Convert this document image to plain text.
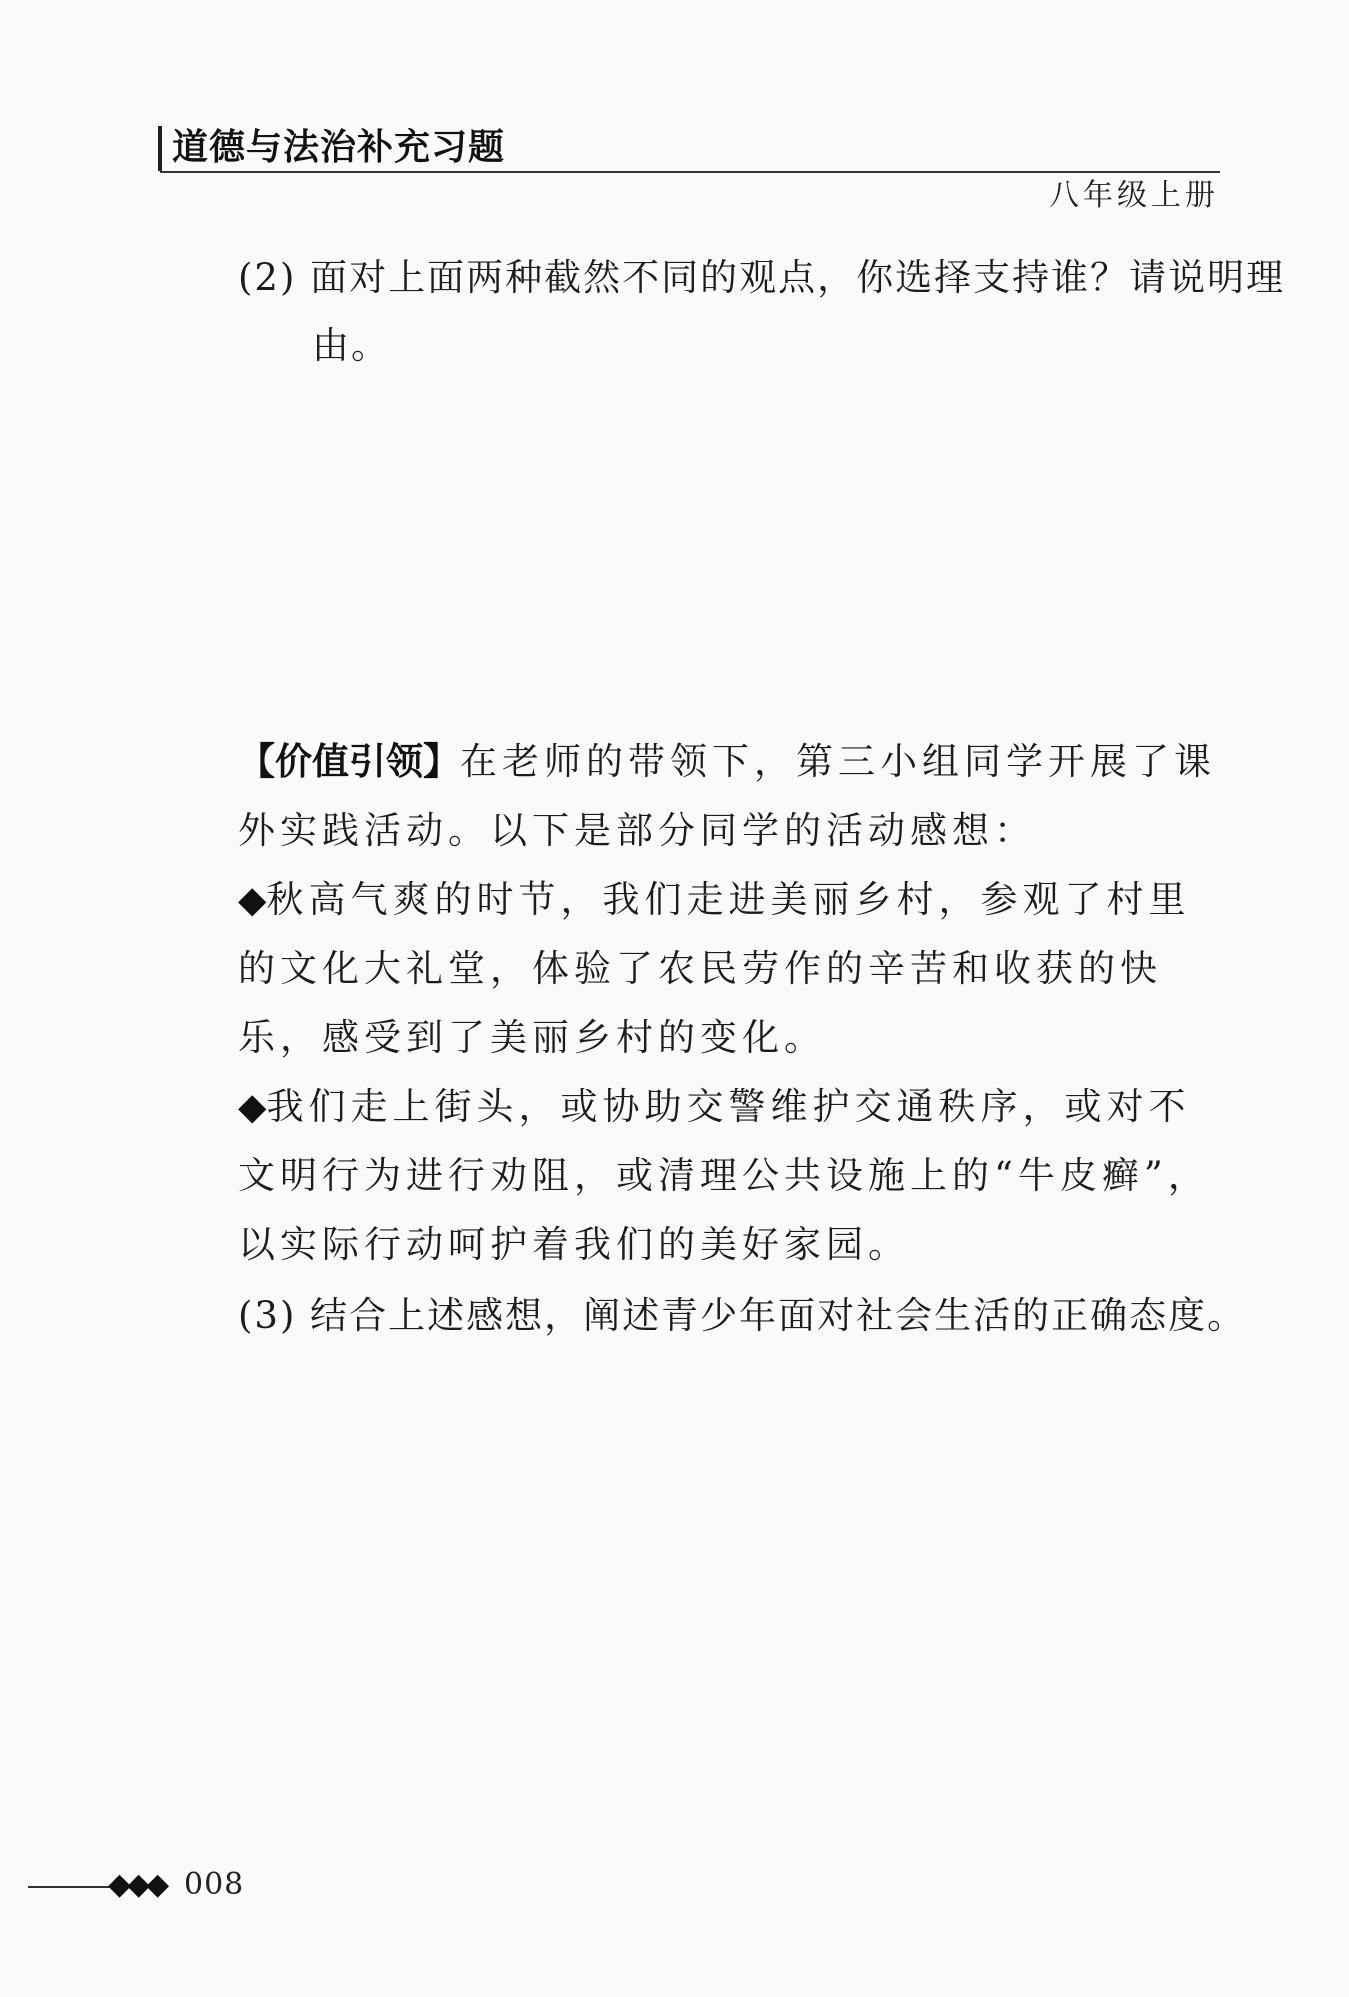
道德与法治补充习题
八年级上册
(2) 面对上面两种截然不同的观点，你选择支持谁？请说明理由。
【价值引领】在老师的带领下，第三小组同学开展了课外实践活动。以下是部分同学的活动感想：
◆秋高气爽的时节，我们走进美丽乡村，参观了村里的文化大礼堂，体验了农民劳作的辛苦和收获的快乐，感受到了美丽乡村的变化。
◆我们走上街头，或协助交警维护交通秩序，或对不文明行为进行劝阻，或清理公共设施上的“牛皮癣”，以实际行动呵护着我们的美好家园。
(3) 结合上述感想，阐述青少年面对社会生活的正确态度。
◆◆◆ 008
